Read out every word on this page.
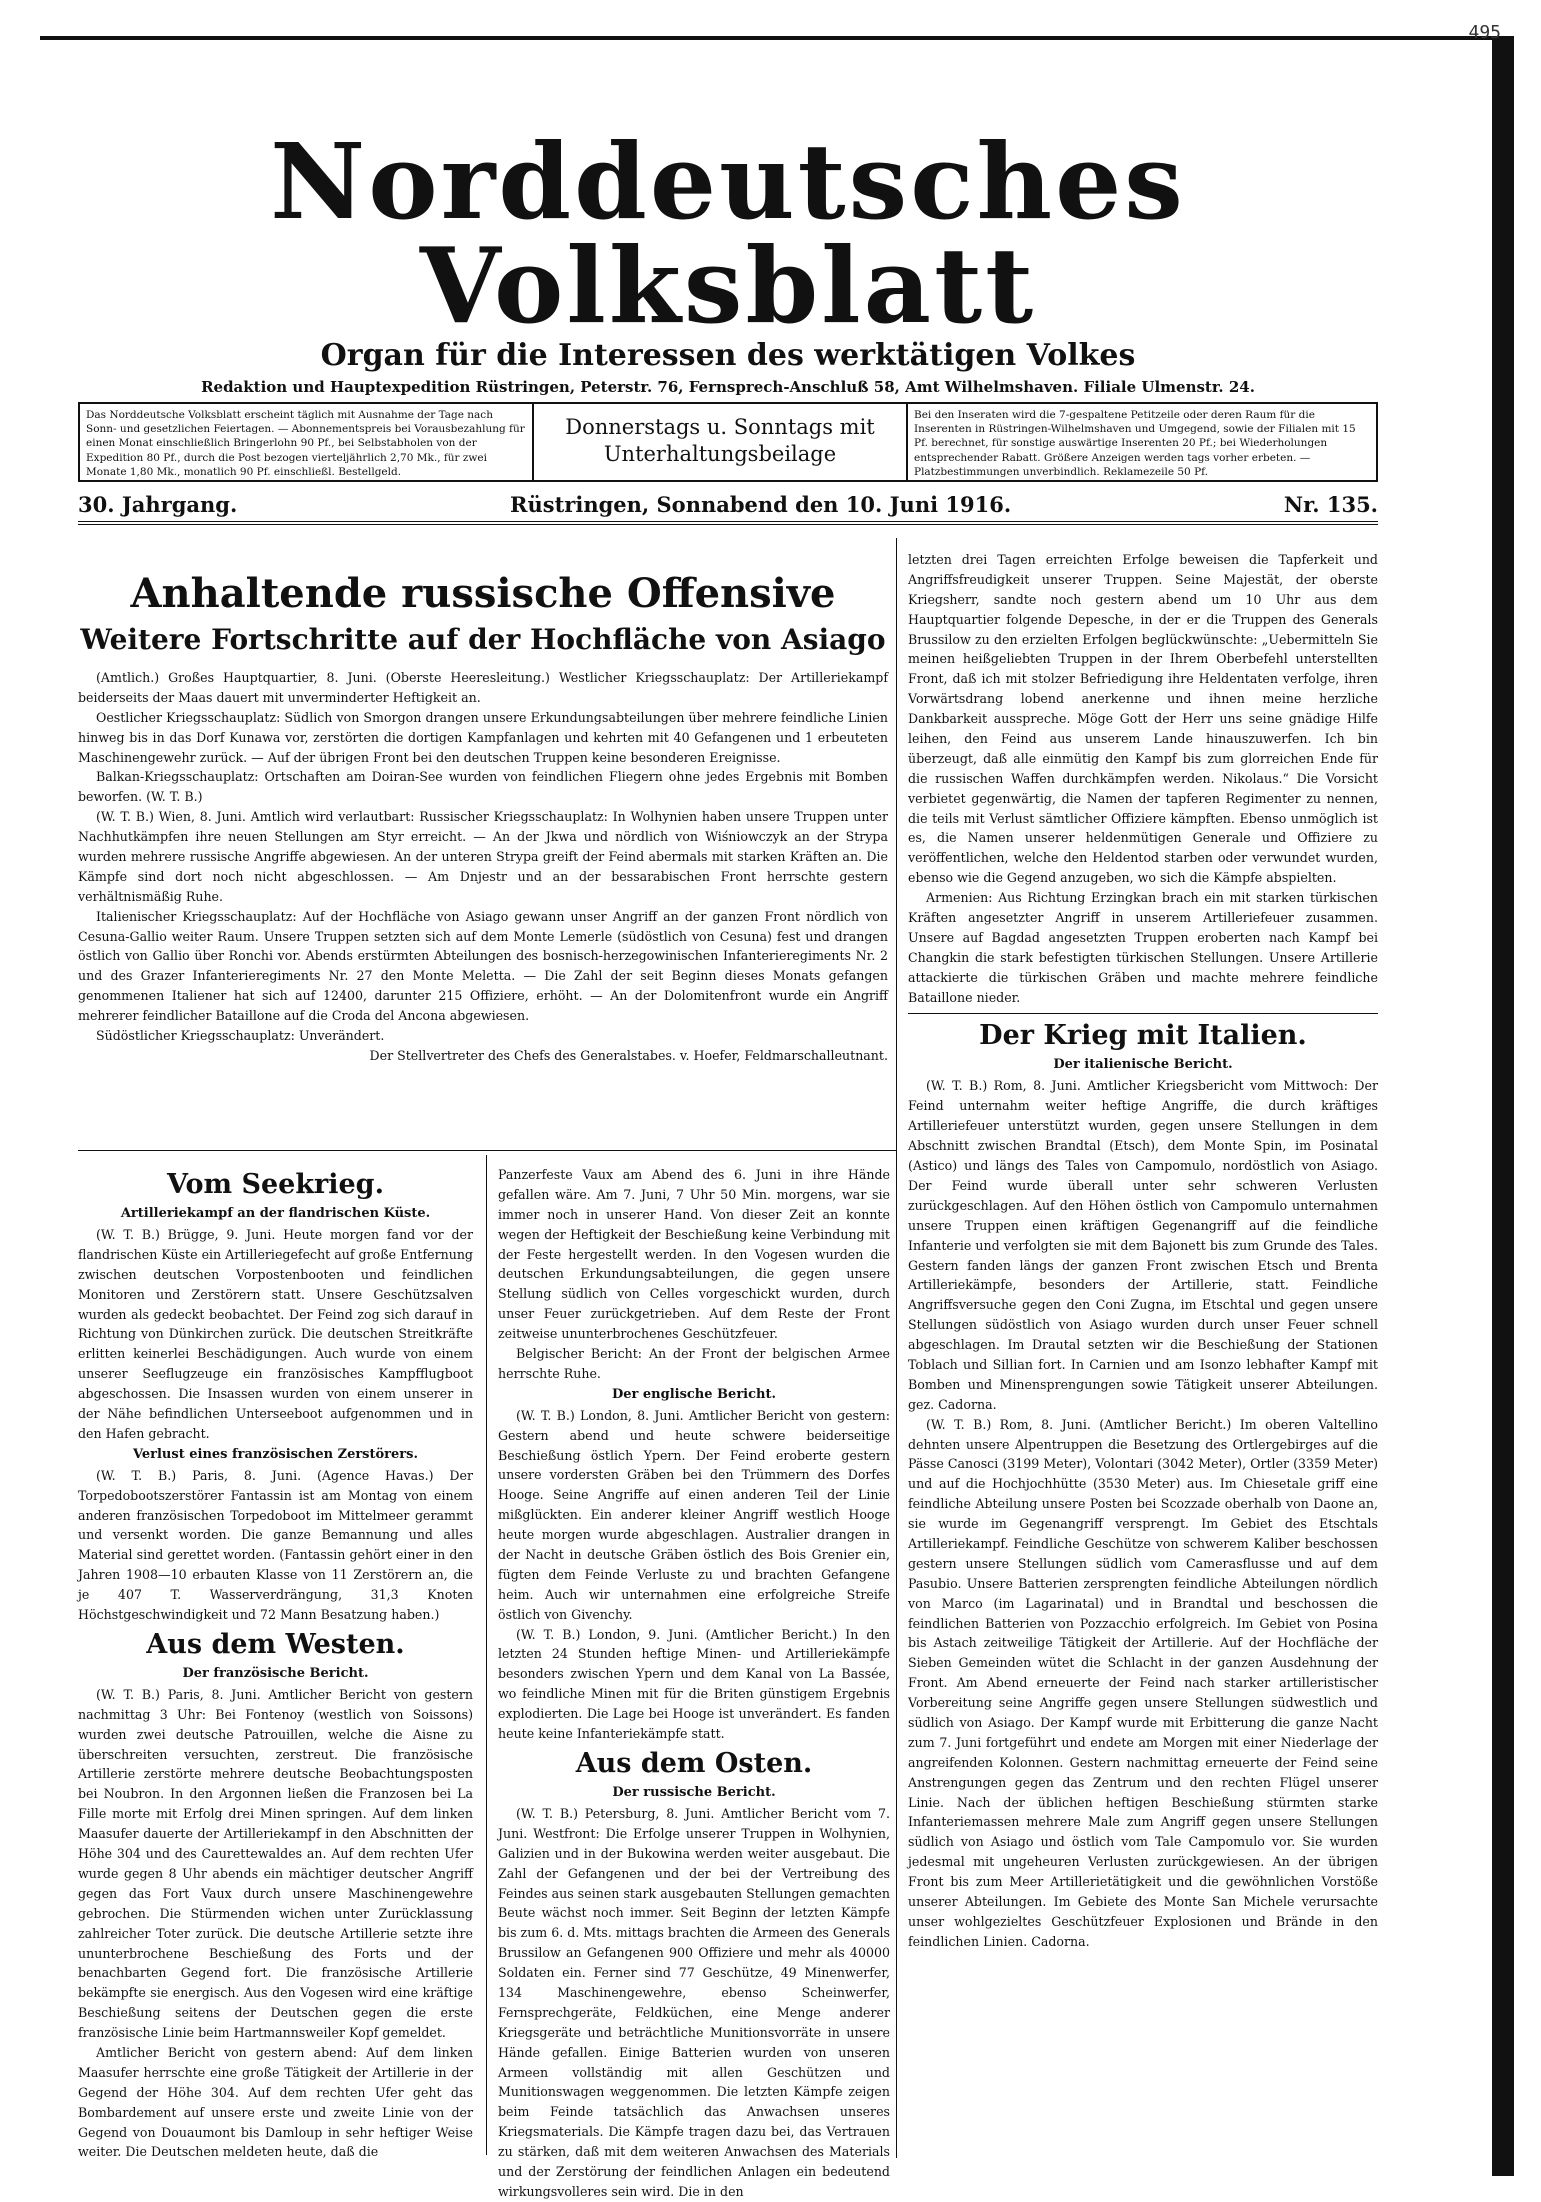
495
Norddeutsches Volksblatt
Organ für die Interessen des werktätigen Volkes
Redaktion und Hauptexpedition Rüstringen, Peterstr. 76, Fernsprech-Anschluß 58, Amt Wilhelmshaven. Filiale Ulmenstr. 24.
Das Norddeutsche Volksblatt erscheint täglich mit Ausnahme der Tage nach Sonn- und gesetzlichen Feiertagen. — Abonnementspreis bei Vorausbezahlung für einen Monat einschließlich Bringerlohn 90 Pf., bei Selbstabholen von der Expedition 80 Pf., durch die Post bezogen vierteljährlich 2,70 Mk., für zwei Monate 1,80 Mk., monatlich 90 Pf. einschließl. Bestellgeld.
Donnerstags u. Sonntags mit Unterhaltungsbeilage
Bei den Inseraten wird die 7-gespaltene Petitzeile oder deren Raum für die Inserenten in Rüstringen-Wilhelmshaven und Umgegend, sowie der Filialen mit 15 Pf. berechnet, für sonstige auswärtige Inserenten 20 Pf.; bei Wiederholungen entsprechender Rabatt. Größere Anzeigen werden tags vorher erbeten. — Platzbestimmungen unverbindlich. Reklamezeile 50 Pf.
30. Jahrgang.	Rüstringen, Sonnabend den 10. Juni 1916.	Nr. 135.
Anhaltende russische Offensive
Weitere Fortschritte auf der Hochfläche von Asiago

(Amtlich.) Großes Hauptquartier, 8. Juni. (Oberste Heeresleitung.) Westlicher Kriegsschauplatz: Der Artilleriekampf beiderseits der Maas dauert mit unverminderter Heftigkeit an.

Oestlicher Kriegsschauplatz: Südlich von Smorgon drangen unsere Erkundungsabteilungen über mehrere feindliche Linien hinweg bis in das Dorf Kunawa vor, zerstörten die dortigen Kampfanlagen und kehrten mit 40 Gefangenen und 1 erbeuteten Maschinengewehr zurück. — Auf der übrigen Front bei den deutschen Truppen keine besonderen Ereignisse.

Balkan-Kriegsschauplatz: Ortschaften am Doiran-See wurden von feindlichen Fliegern ohne jedes Ergebnis mit Bomben beworfen. (W. T. B.)

(W. T. B.) Wien, 8. Juni. Amtlich wird verlautbart: Russischer Kriegsschauplatz: In Wolhynien haben unsere Truppen unter Nachhutkämpfen ihre neuen Stellungen am Styr erreicht. — An der Jkwa und nördlich von Wiśniowczyk an der Strypa wurden mehrere russische Angriffe abgewiesen. An der unteren Strypa greift der Feind abermals mit starken Kräften an. Die Kämpfe sind dort noch nicht abgeschlossen. — Am Dnjestr und an der bessarabischen Front herrschte gestern verhältnismäßig Ruhe.

Italienischer Kriegsschauplatz: Auf der Hochfläche von Asiago gewann unser Angriff an der ganzen Front nördlich von Cesuna-Gallio weiter Raum. Unsere Truppen setzten sich auf dem Monte Lemerle (südöstlich von Cesuna) fest und drangen östlich von Gallio über Ronchi vor. Abends erstürmten Abteilungen des bosnisch-herzegowinischen Infanterieregiments Nr. 2 und des Grazer Infanterieregiments Nr. 27 den Monte Meletta. — Die Zahl der seit Beginn dieses Monats gefangen genommenen Italiener hat sich auf 12400, darunter 215 Offiziere, erhöht. — An der Dolomitenfront wurde ein Angriff mehrerer feindlicher Bataillone auf die Croda del Ancona abgewiesen.

Südöstlicher Kriegsschauplatz: Unverändert.

Der Stellvertreter des Chefs des Generalstabes. v. Hoefer, Feldmarschalleutnant.
Vom Seekrieg.
Artilleriekampf an der flandrischen Küste.

(W. T. B.) Brügge, 9. Juni. Heute morgen fand vor der flandrischen Küste ein Artilleriegefecht auf große Entfernung zwischen deutschen Vorpostenbooten und feindlichen Monitoren und Zerstörern statt. Unsere Geschützsalven wurden als gedeckt beobachtet. Der Feind zog sich darauf in Richtung von Dünkirchen zurück. Die deutschen Streitkräfte erlitten keinerlei Beschädigungen. Auch wurde von einem unserer Seeflugzeuge ein französisches Kampfflugboot abgeschossen. Die Insassen wurden von einem unserer in der Nähe befindlichen Unterseeboot aufgenommen und in den Hafen gebracht.

Verlust eines französischen Zerstörers.

(W. T. B.) Paris, 8. Juni. (Agence Havas.) Der Torpedobootszerstörer Fantassin ist am Montag von einem anderen französischen Torpedoboot im Mittelmeer gerammt und versenkt worden. Die ganze Bemannung und alles Material sind gerettet worden. (Fantassin gehört einer in den Jahren 1908—10 erbauten Klasse von 11 Zerstörern an, die je 407 T. Wasserverdrängung, 31,3 Knoten Höchstgeschwindigkeit und 72 Mann Besatzung haben.)

Aus dem Westen.
Der französische Bericht.

(W. T. B.) Paris, 8. Juni. Amtlicher Bericht von gestern nachmittag 3 Uhr: Bei Fontenoy (westlich von Soissons) wurden zwei deutsche Patrouillen, welche die Aisne zu überschreiten versuchten, zerstreut. Die französische Artillerie zerstörte mehrere deutsche Beobachtungsposten bei Noubron. In den Argonnen ließen die Franzosen bei La Fille morte mit Erfolg drei Minen springen. Auf dem linken Maasufer dauerte der Artilleriekampf in den Abschnitten der Höhe 304 und des Caurettewaldes an. Auf dem rechten Ufer wurde gegen 8 Uhr abends ein mächtiger deutscher Angriff gegen das Fort Vaux durch unsere Maschinengewehre gebrochen. Die Stürmenden wichen unter Zurücklassung zahlreicher Toter zurück. Die deutsche Artillerie setzte ihre ununterbrochene Beschießung des Forts und der benachbarten Gegend fort. Die französische Artillerie bekämpfte sie energisch. Aus den Vogesen wird eine kräftige Beschießung seitens der Deutschen gegen die erste französische Linie beim Hartmannsweiler Kopf gemeldet.

Amtlicher Bericht von gestern abend: Auf dem linken Maasufer herrschte eine große Tätigkeit der Artillerie in der Gegend der Höhe 304. Auf dem rechten Ufer geht das Bombardement auf unsere erste und zweite Linie von der Gegend von Douaumont bis Damloup in sehr heftiger Weise weiter. Die Deutschen meldeten heute, daß die

Panzerfeste Vaux am Abend des 6. Juni in ihre Hände gefallen wäre. Am 7. Juni, 7 Uhr 50 Min. morgens, war sie immer noch in unserer Hand. Von dieser Zeit an konnte wegen der Heftigkeit der Beschießung keine Verbindung mit der Feste hergestellt werden. In den Vogesen wurden die deutschen Erkundungsabteilungen, die gegen unsere Stellung südlich von Celles vorgeschickt wurden, durch unser Feuer zurückgetrieben. Auf dem Reste der Front zeitweise ununterbrochenes Geschützfeuer.

Belgischer Bericht: An der Front der belgischen Armee herrschte Ruhe.

Der englische Bericht.

(W. T. B.) London, 8. Juni. Amtlicher Bericht von gestern: Gestern abend und heute schwere beiderseitige Beschießung östlich Ypern. Der Feind eroberte gestern unsere vordersten Gräben bei den Trümmern des Dorfes Hooge. Seine Angriffe auf einen anderen Teil der Linie mißglückten. Ein anderer kleiner Angriff westlich Hooge heute morgen wurde abgeschlagen. Australier drangen in der Nacht in deutsche Gräben östlich des Bois Grenier ein, fügten dem Feinde Verluste zu und brachten Gefangene heim. Auch wir unternahmen eine erfolgreiche Streife östlich von Givenchy.

(W. T. B.) London, 9. Juni. (Amtlicher Bericht.) In den letzten 24 Stunden heftige Minen- und Artilleriekämpfe besonders zwischen Ypern und dem Kanal von La Bassée, wo feindliche Minen mit für die Briten günstigem Ergebnis explodierten. Die Lage bei Hooge ist unverändert. Es fanden heute keine Infanteriekämpfe statt.

Aus dem Osten.
Der russische Bericht.

(W. T. B.) Petersburg, 8. Juni. Amtlicher Bericht vom 7. Juni. Westfront: Die Erfolge unserer Truppen in Wolhynien, Galizien und in der Bukowina werden weiter ausgebaut. Die Zahl der Gefangenen und der bei der Vertreibung des Feindes aus seinen stark ausgebauten Stellungen gemachten Beute wächst noch immer. Seit Beginn der letzten Kämpfe bis zum 6. d. Mts. mittags brachten die Armeen des Generals Brussilow an Gefangenen 900 Offiziere und mehr als 40000 Soldaten ein. Ferner sind 77 Geschütze, 49 Minenwerfer, 134 Maschinengewehre, ebenso Scheinwerfer, Fernsprechgeräte, Feldküchen, eine Menge anderer Kriegsgeräte und beträchtliche Munitionsvorräte in unsere Hände gefallen. Einige Batterien wurden von unseren Armeen vollständig mit allen Geschützen und Munitionswagen weggenommen. Die letzten Kämpfe zeigen beim Feinde tatsächlich das Anwachsen unseres Kriegsmaterials. Die Kämpfe tragen dazu bei, das Vertrauen zu stärken, daß mit dem weiteren Anwachsen des Materials und der Zerstörung der feindlichen Anlagen ein bedeutend wirkungsvolleres sein wird. Die in den

letzten drei Tagen erreichten Erfolge beweisen die Tapferkeit und Angriffsfreudigkeit unserer Truppen. Seine Majestät, der oberste Kriegsherr, sandte noch gestern abend um 10 Uhr aus dem Hauptquartier folgende Depesche, in der er die Truppen des Generals Brussilow zu den erzielten Erfolgen beglückwünschte: „Uebermitteln Sie meinen heißgeliebten Truppen in der Ihrem Oberbefehl unterstellten Front, daß ich mit stolzer Befriedigung ihre Heldentaten verfolge, ihren Vorwärtsdrang lobend anerkenne und ihnen meine herzliche Dankbarkeit ausspreche. Möge Gott der Herr uns seine gnädige Hilfe leihen, den Feind aus unserem Lande hinauszuwerfen. Ich bin überzeugt, daß alle einmütig den Kampf bis zum glorreichen Ende für die russischen Waffen durchkämpfen werden. Nikolaus.“ Die Vorsicht verbietet gegenwärtig, die Namen der tapferen Regimenter zu nennen, die teils mit Verlust sämtlicher Offiziere kämpften. Ebenso unmöglich ist es, die Namen unserer heldenmütigen Generale und Offiziere zu veröffentlichen, welche den Heldentod starben oder verwundet wurden, ebenso wie die Gegend anzugeben, wo sich die Kämpfe abspielten.

Armenien: Aus Richtung Erzingkan brach ein mit starken türkischen Kräften angesetzter Angriff in unserem Artilleriefeuer zusammen. Unsere auf Bagdad angesetzten Truppen eroberten nach Kampf bei Changkin die stark befestigten türkischen Stellungen. Unsere Artillerie attackierte die türkischen Gräben und machte mehrere feindliche Bataillone nieder.

Der Krieg mit Italien.
Der italienische Bericht.

(W. T. B.) Rom, 8. Juni. Amtlicher Kriegsbericht vom Mittwoch: Der Feind unternahm weiter heftige Angriffe, die durch kräftiges Artilleriefeuer unterstützt wurden, gegen unsere Stellungen in dem Abschnitt zwischen Brandtal (Etsch), dem Monte Spin, im Posinatal (Astico) und längs des Tales von Campomulo, nordöstlich von Asiago. Der Feind wurde überall unter sehr schweren Verlusten zurückgeschlagen. Auf den Höhen östlich von Campomulo unternahmen unsere Truppen einen kräftigen Gegenangriff auf die feindliche Infanterie und verfolgten sie mit dem Bajonett bis zum Grunde des Tales. Gestern fanden längs der ganzen Front zwischen Etsch und Brenta Artilleriekämpfe, besonders der Artillerie, statt. Feindliche Angriffsversuche gegen den Coni Zugna, im Etschtal und gegen unsere Stellungen südöstlich von Asiago wurden durch unser Feuer schnell abgeschlagen. Im Drautal setzten wir die Beschießung der Stationen Toblach und Sillian fort. In Carnien und am Isonzo lebhafter Kampf mit Bomben und Minensprengungen sowie Tätigkeit unserer Abteilungen. gez. Cadorna.

(W. T. B.) Rom, 8. Juni. (Amtlicher Bericht.) Im oberen Valtellino dehnten unsere Alpentruppen die Besetzung des Ortlergebirges auf die Pässe Canosci (3199 Meter), Volontari (3042 Meter), Ortler (3359 Meter) und auf die Hochjochhütte (3530 Meter) aus. Im Chiesetale griff eine feindliche Abteilung unsere Posten bei Scozzade oberhalb von Daone an, sie wurde im Gegenangriff versprengt. Im Gebiet des Etschtals Artilleriekampf. Feindliche Geschütze von schwerem Kaliber beschossen gestern unsere Stellungen südlich vom Camerasflusse und auf dem Pasubio. Unsere Batterien zersprengten feindliche Abteilungen nördlich von Marco (im Lagarinatal) und in Brandtal und beschossen die feindlichen Batterien von Pozzacchio erfolgreich. Im Gebiet von Posina bis Astach zeitweilige Tätigkeit der Artillerie. Auf der Hochfläche der Sieben Gemeinden wütet die Schlacht in der ganzen Ausdehnung der Front. Am Abend erneuerte der Feind nach starker artilleristischer Vorbereitung seine Angriffe gegen unsere Stellungen südwestlich und südlich von Asiago. Der Kampf wurde mit Erbitterung die ganze Nacht zum 7. Juni fortgeführt und endete am Morgen mit einer Niederlage der angreifenden Kolonnen. Gestern nachmittag erneuerte der Feind seine Anstrengungen gegen das Zentrum und den rechten Flügel unserer Linie. Nach der üblichen heftigen Beschießung stürmten starke Infanteriemassen mehrere Male zum Angriff gegen unsere Stellungen südlich von Asiago und östlich vom Tale Campomulo vor. Sie wurden jedesmal mit ungeheuren Verlusten zurückgewiesen. An der übrigen Front bis zum Meer Artillerietätigkeit und die gewöhnlichen Vorstöße unserer Abteilungen. Im Gebiete des Monte San Michele verursachte unser wohlgezieltes Geschützfeuer Explosionen und Brände in den feindlichen Linien. Cadorna.
